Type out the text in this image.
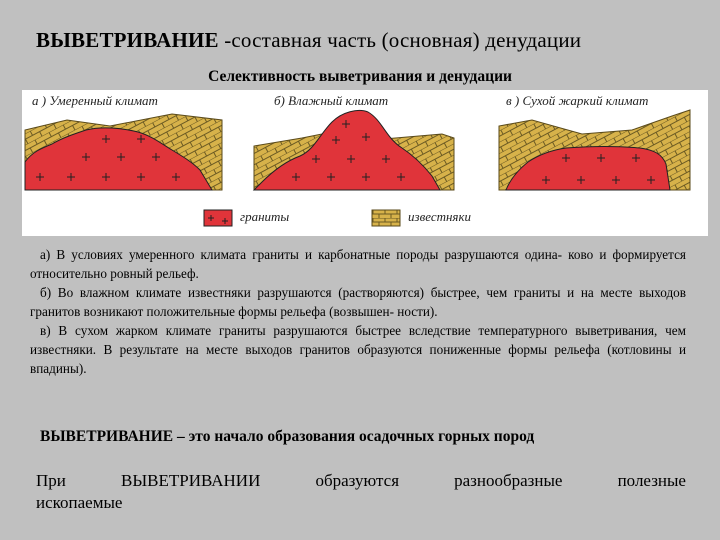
ВЫВЕТРИВАНИЕ -составная часть (основная) денудации
Селективность выветривания и денудации
а ) Умеренный климат	б) Влажный климат	в ) Сухой жаркий климат
граниты	известняки

а) В условиях умеренного климата граниты и карбонатные породы разрушаются одина- ково и формируется относительно ровный рельеф.

б) Во влажном климате известняки разрушаются (растворяются) быстрее, чем граниты и на месте выходов гранитов возникают положительные формы рельефа (возвышен- ности).

в) В сухом жарком климате граниты разрушаются быстрее вследствие температурного выветривания, чем известняки. В результате на месте выходов гранитов образуются пониженные формы рельефа (котловины и впадины).

ВЫВЕТРИВАНИЕ – это начало образования осадочных горных пород
При	ВЫВЕТРИВАНИИ	образуются	разнообразные	полезные
ископаемые
